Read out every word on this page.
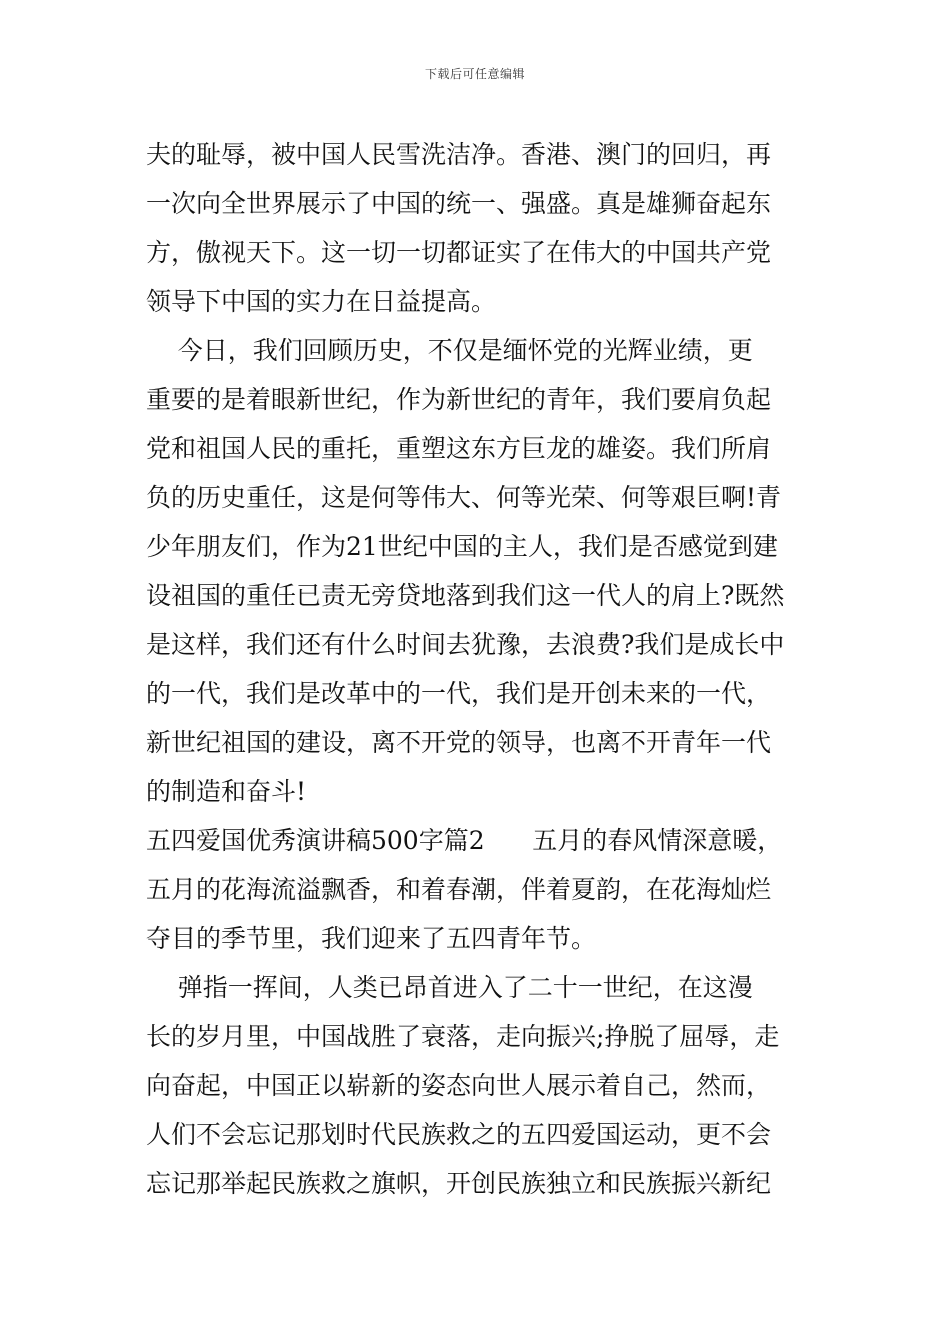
下载后可任意编辑
夫的耻辱，被中国人民雪洗洁净。香港、澳门的回归，再
一次向全世界展示了中国的统一、强盛。真是雄狮奋起东
方，傲视天下。这一切一切都证实了在伟大的中国共产党
领导下中国的实力在日益提高。
今日，我们回顾历史，不仅是缅怀党的光辉业绩，更
重要的是着眼新世纪，作为新世纪的青年，我们要肩负起
党和祖国人民的重托，重塑这东方巨龙的雄姿。我们所肩
负的历史重任，这是何等伟大、何等光荣、何等艰巨啊!青
少年朋友们，作为21世纪中国的主人，我们是否感觉到建
设祖国的重任已责无旁贷地落到我们这一代人的肩上?既然
是这样，我们还有什么时间去犹豫，去浪费?我们是成长中
的一代，我们是改革中的一代，我们是开创未来的一代，
新世纪祖国的建设，离不开党的领导，也离不开青年一代
的制造和奋斗!
五四爱国优秀演讲稿500字篇2      五月的春风情深意暖，
五月的花海流溢飘香，和着春潮，伴着夏韵，在花海灿烂
夺目的季节里，我们迎来了五四青年节。
弹指一挥间，人类已昂首进入了二十一世纪，在这漫
长的岁月里，中国战胜了衰落，走向振兴;挣脱了屈辱，走
向奋起，中国正以崭新的姿态向世人展示着自己，然而，
人们不会忘记那划时代民族救之的五四爱国运动，更不会
忘记那举起民族救之旗帜，开创民族独立和民族振兴新纪
